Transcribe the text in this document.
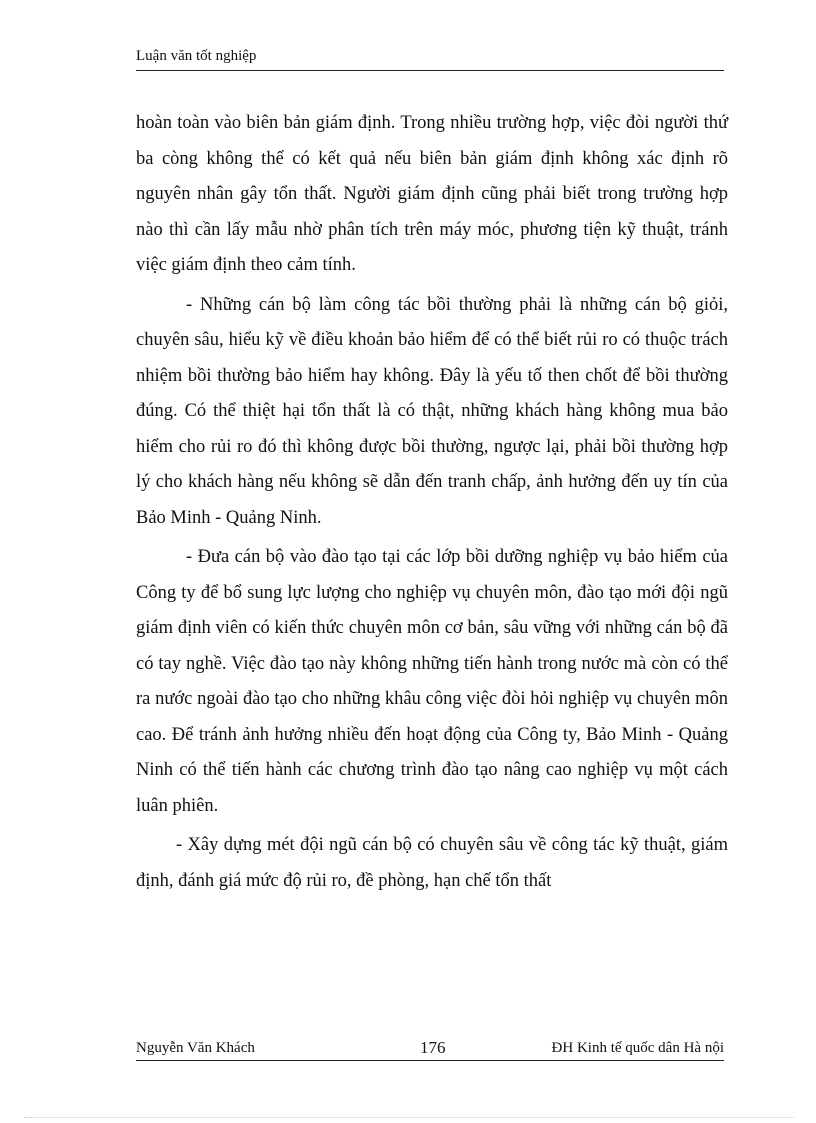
Luận văn tốt nghiệp

hoàn toàn vào biên bản giám định. Trong nhiều trường hợp, việc đòi người thứ ba còng không thể có kết quả nếu biên bản giám định không xác định rõ nguyên nhân gây tổn thất. Người giám định cũng phải biết trong trường hợp nào thì cần lấy mẫu nhờ phân tích trên máy móc, phương tiện kỹ thuật, tránh việc giám định theo cảm tính.

- Những cán bộ làm công tác bồi thường phải là những cán bộ giỏi, chuyên sâu, hiểu kỹ về điều khoản bảo hiểm để có thể biết rủi ro có thuộc trách nhiệm bồi thường bảo hiểm hay không. Đây là yếu tố then chốt để bồi thường đúng. Có thể thiệt hại tổn thất là có thật, những khách hàng không mua bảo hiểm cho rủi ro đó thì không được bồi thường, ngược lại, phải bồi thường hợp lý cho khách hàng nếu không sẽ dẫn đến tranh chấp, ảnh hưởng đến uy tín của Bảo Minh - Quảng Ninh.

- Đưa cán bộ vào đào tạo tại các lớp bồi dưỡng nghiệp vụ bảo hiểm của Công ty để bổ sung lực lượng cho nghiệp vụ chuyên môn, đào tạo mới đội ngũ giám định viên có kiến thức chuyên môn cơ bản, sâu vững với những cán bộ đã có tay nghề. Việc đào tạo này không những tiến hành trong nước mà còn có thể ra nước ngoài đào tạo cho những khâu công việc đòi hỏi nghiệp vụ chuyên môn cao. Để tránh ảnh hưởng nhiều đến hoạt động của Công ty, Bảo Minh - Quảng Ninh có thể tiến hành các chương trình đào tạo nâng cao nghiệp vụ một cách luân phiên.

- Xây dựng mét đội ngũ cán bộ có chuyên sâu về công tác kỹ thuật, giám định, đánh giá mức độ rủi ro, đề phòng, hạn chế tổn thất

Nguyễn Văn Khách	176	ĐH Kinh tế quốc dân Hà nội
